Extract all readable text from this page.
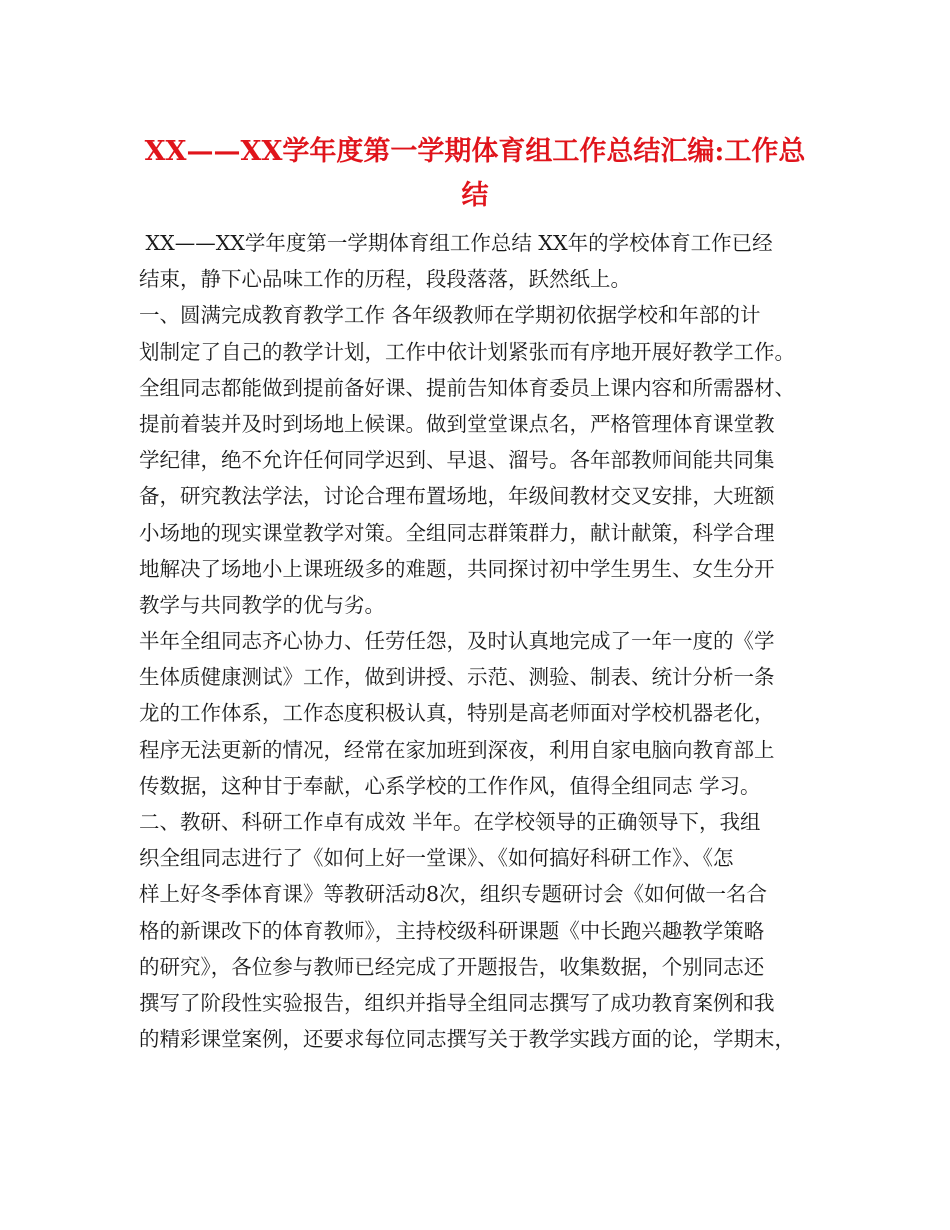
XX——XX学年度第一学期体育组工作总结汇编:工作总
结
XX——XX学年度第一学期体育组工作总结 XX年的学校体育工作已经
结束，静下心品味工作的历程，段段落落，跃然纸上。
一、圆满完成教育教学工作 各年级教师在学期初依据学校和年部的计
划制定了自己的教学计划，工作中依计划紧张而有序地开展好教学工作。
全组同志都能做到提前备好课、提前告知体育委员上课内容和所需器材、
提前着装并及时到场地上候课。做到堂堂课点名，严格管理体育课堂教
学纪律，绝不允许任何同学迟到、早退、溜号。各年部教师间能共同集
备，研究教法学法，讨论合理布置场地，年级间教材交叉安排，大班额
小场地的现实课堂教学对策。全组同志群策群力，献计献策，科学合理
地解决了场地小上课班级多的难题，共同探讨初中学生男生、女生分开
教学与共同教学的优与劣。
半年全组同志齐心协力、任劳任怨，及时认真地完成了一年一度的《学
生体质健康测试》工作，做到讲授、示范、测验、制表、统计分析一条
龙的工作体系，工作态度积极认真，特别是高老师面对学校机器老化，
程序无法更新的情况，经常在家加班到深夜，利用自家电脑向教育部上
传数据，这种甘于奉献，心系学校的工作作风，值得全组同志 学习。
二、教研、科研工作卓有成效 半年。在学校领导的正确领导下，我组
织全组同志进行了《如何上好一堂课》、《如何搞好科研工作》、《怎
样上好冬季体育课》等教研活动8次，组织专题研讨会《如何做一名合
格的新课改下的体育教师》，主持校级科研课题《中长跑兴趣教学策略
的研究》，各位参与教师已经完成了开题报告，收集数据，个别同志还
撰写了阶段性实验报告，组织并指导全组同志撰写了成功教育案例和我
的精彩课堂案例，还要求每位同志撰写关于教学实践方面的论，学期末，
